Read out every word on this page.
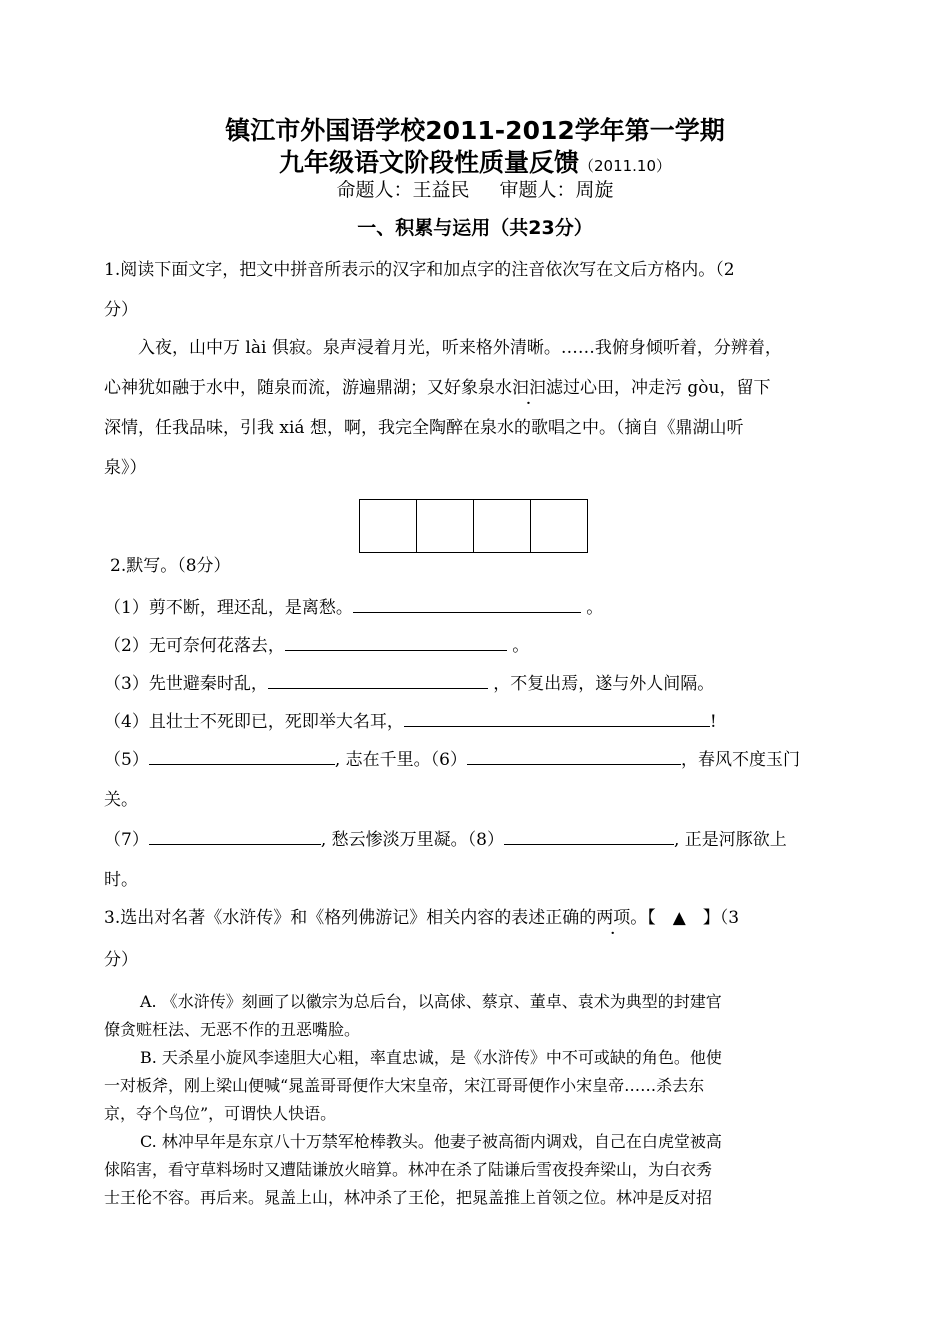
镇江市外国语学校2011-2012学年第一学期
九年级语文阶段性质量反馈（2011.10）
命题人：王益民 审题人：周旋
一、积累与运用（共23分）
1.阅读下面文字，把文中拼音所表示的汉字和加点字的注音依次写在文后方格内。（2
分）
入夜，山中万 lài 俱寂。泉声浸着月光，听来格外清晰。……我俯身倾听着，分辨着，
心神犹如融于水中，随泉而流，游遍鼎湖；又好象泉水汩汩滤过心田，冲走污 gòu，留下
深情，任我品味，引我 xiá 想，啊，我完全陶醉在泉水的歌唱之中。（摘自《鼎湖山听
泉》）
2.默写。（8分）
（1）剪不断，理还乱，是离愁。	。
（2）无可奈何花落去，	。
（3）先世避秦时乱，	，不复出焉，遂与外人间隔。
（4）且壮士不死即已，死即举大名耳，	!
（5）	, 志在千里。（6）	，春风不度玉门
关。
（7）	, 愁云惨淡万里凝。（8）	, 正是河豚欲上
时。
3.选出对名著《水浒传》和《格列佛游记》相关内容的表述正确的两项。【　▲　】（3
分）
A. 《水浒传》刻画了以徽宗为总后台，以高俅、蔡京、董卓、袁术为典型的封建官
僚贪赃枉法、无恶不作的丑恶嘴脸。
B. 天杀星小旋风李逵胆大心粗，率直忠诚，是《水浒传》中不可或缺的角色。他使
一对板斧，刚上梁山便喊“晁盖哥哥便作大宋皇帝，宋江哥哥便作小宋皇帝……杀去东
京，夺个鸟位”，可谓快人快语。
C. 林冲早年是东京八十万禁军枪棒教头。他妻子被高衙内调戏，自己在白虎堂被高
俅陷害，看守草料场时又遭陆谦放火暗算。林冲在杀了陆谦后雪夜投奔梁山，为白衣秀
士王伦不容。再后来。晁盖上山，林冲杀了王伦，把晁盖推上首领之位。林冲是反对招
